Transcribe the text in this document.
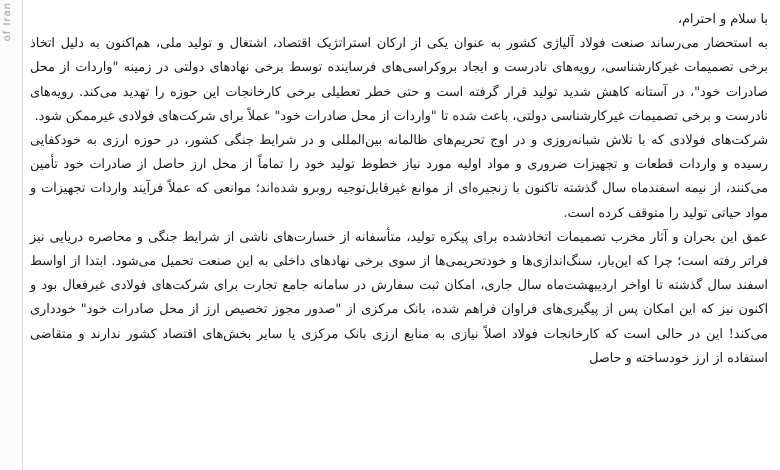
of Iran	با سلام و احترام،

به استحضار می‌رساند صنعت فولاد آلیاژی کشور به عنوان یکی از ارکان استراتژیک اقتصاد، اشتغال و تولید ملی، هم‌اکنون به دلیل اتخاذ برخی تصمیمات غیرکارشناسی، رویه‌های نادرست و ایجاد بروکراسی‌های فرساینده توسط برخی نهادهای دولتی در زمینه "واردات از محل صادرات خود"، در آستانه کاهش شدید تولید قرار گرفته است و حتی خطر تعطیلی برخی کارخانجات این حوزه را تهدید می‌کند. رویه‌های نادرست و برخی تصمیمات غیرکارشناسی دولتی، باعث شده تا "واردات از محل صادرات خود" عملاً برای شرکت‌های فولادی غیرممکن شود.

شرکت‌های فولادی که با تلاش شبانه‌روزی و در اوج تحریم‌های ظالمانه بین‌المللی و در شرایط جنگی کشور، در حوزه ارزی به خودکفایی رسیده و واردات قطعات و تجهیزات ضروری و مواد اولیه مورد نیاز خطوط تولید خود را تماماً از محل ارز حاصل از صادرات خود تأمین می‌کنند، از نیمه اسفندماه سال گذشته تاکنون با زنجیره‌ای از موانع غیرقابل‌توجیه روبرو شده‌اند؛ موانعی که عملاً فرآیند واردات تجهیزات و مواد حیاتی تولید را متوقف کرده است.

عمق این بحران و آثار مخرب تصمیمات اتخاذشده برای پیکره تولید، متأسفانه از خسارت‌های ناشی از شرایط جنگی و محاصره دریایی نیز فراتر رفته است؛ چرا که این‌بار، سنگ‌اندازی‌ها و خودتحریمی‌ها از سوی برخی نهادهای داخلی به این صنعت تحمیل می‌شود. ابتدا از اواسط اسفند سال گذشته تا اواخر اردیبهشت‌ماه سال جاری، امکان ثبت سفارش در سامانه جامع تجارت برای شرکت‌های فولادی غیرفعال بود و اکنون نیز که این امکان پس از پیگیری‌های فراوان فراهم شده، بانک مرکزی از "صدور مجوز تخصیص ارز از محل صادرات خود" خودداری می‌کند! این در حالی است که کارخانجات فولاد اصلاً نیازی به منابع ارزی بانک مرکزی یا سایر بخش‌های اقتصاد کشور ندارند و متقاضی استفاده از ارز خودساخته و حاصل
